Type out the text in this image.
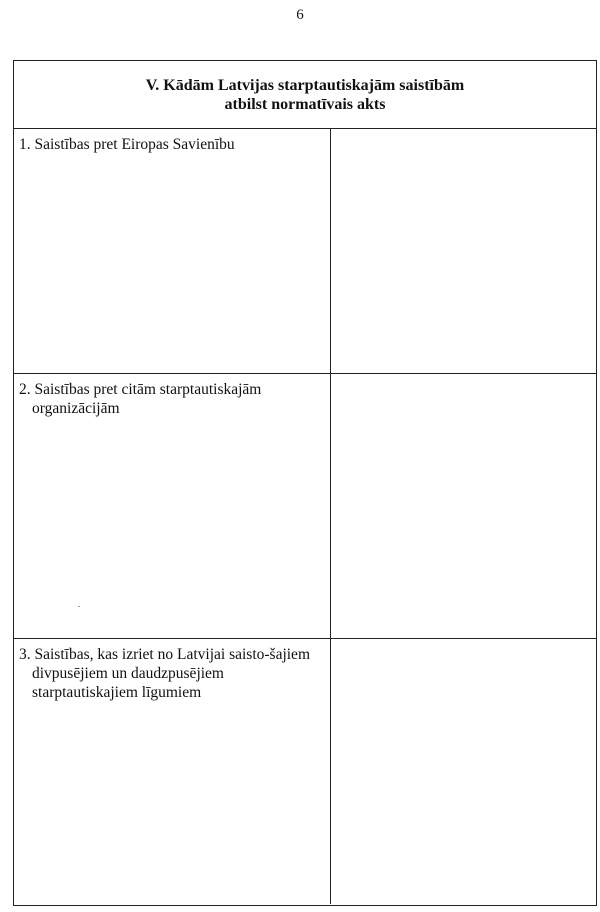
6
V. Kādām Latvijas starptautiskajām saistībām
atbilst normatīvais akts
1. Saistības pret Eiropas Savienību
2. Saistības pret citām starptautiskajām organizācijām
3. Saistības, kas izriet no Latvijai saisto-šajiem divpusējiem un daudzpusējiem starptautiskajiem līgumiem
